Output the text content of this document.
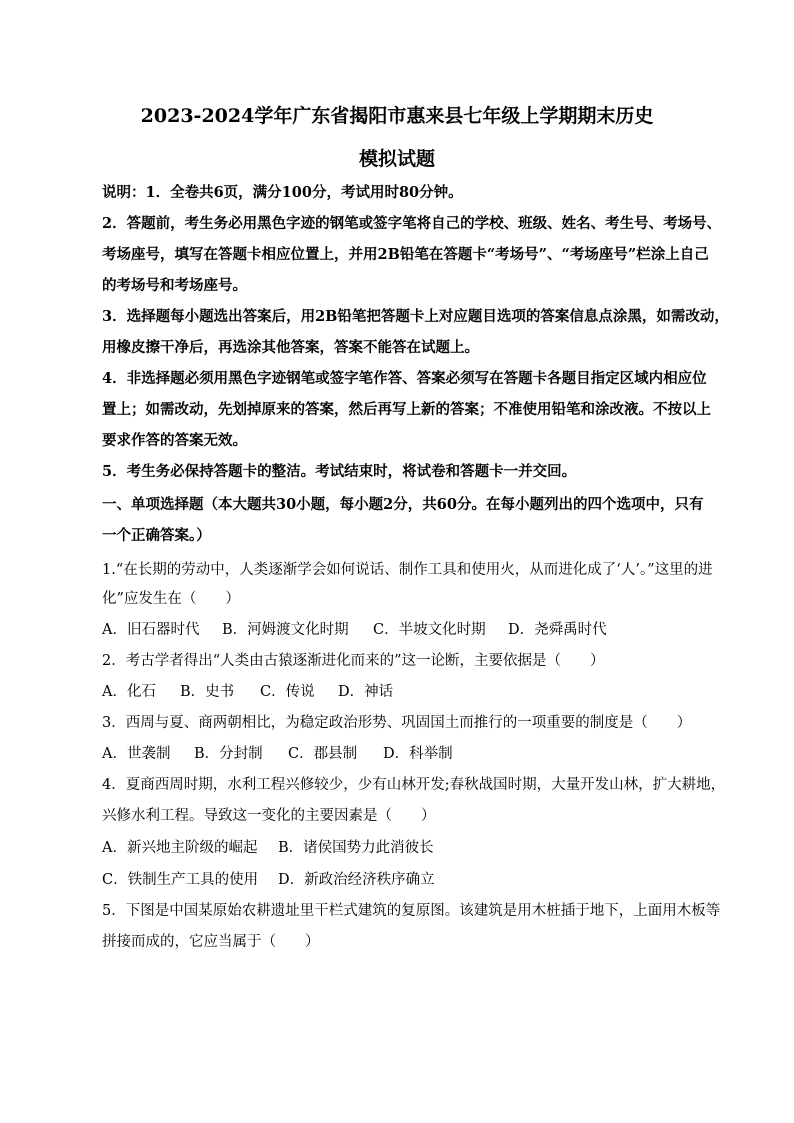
2023-2024学年广东省揭阳市惠来县七年级上学期期末历史
模拟试题
说明：1．全卷共6页，满分100分，考试用时80分钟。
2．答题前，考生务必用黑色字迹的钢笔或签字笔将自己的学校、班级、姓名、考生号、考场号、
考场座号，填写在答题卡相应位置上，并用2B铅笔在答题卡“考场号”、“考场座号”栏涂上自己
的考场号和考场座号。
3．选择题每小题选出答案后，用2B铅笔把答题卡上对应题目选项的答案信息点涂黑，如需改动，
用橡皮擦干净后，再选涂其他答案，答案不能答在试题上。
4．非选择题必须用黑色字迹钢笔或签字笔作答、答案必须写在答题卡各题目指定区域内相应位
置上；如需改动，先划掉原来的答案，然后再写上新的答案；不准使用铅笔和涂改液。不按以上
要求作答的答案无效。
5．考生务必保持答题卡的整洁。考试结束时，将试卷和答题卡一并交回。
一、单项选择题（本大题共30小题，每小题2分，共60分。在每小题列出的四个选项中，只有
一个正确答案。）
1.“在长期的劳动中，人类逐渐学会如何说话、制作工具和使用火，从而进化成了‘人’。”这里的进
化”应发生在（　　）
A．旧石器时代 B．河姆渡文化时期 C．半坡文化时期 D．尧舜禹时代
2．考古学者得出“人类由古猿逐渐进化而来的”这一论断，主要依据是（　　）
A．化石 B．史书 C．传说 D．神话
3．西周与夏、商两朝相比，为稳定政治形势、巩固国土而推行的一项重要的制度是（　　）
A．世袭制 B．分封制 C．郡县制 D．科举制
4．夏商西周时期，水利工程兴修较少，少有山林开发;春秋战国时期，大量开发山林，扩大耕地，
兴修水利工程。导致这一变化的主要因素是（　　）
A．新兴地主阶级的崛起 B．诸侯国势力此消彼长
C．铁制生产工具的使用 D．新政治经济秩序确立
5．下图是中国某原始农耕遗址里干栏式建筑的复原图。该建筑是用木桩插于地下，上面用木板等
拼接而成的，它应当属于（　　）
